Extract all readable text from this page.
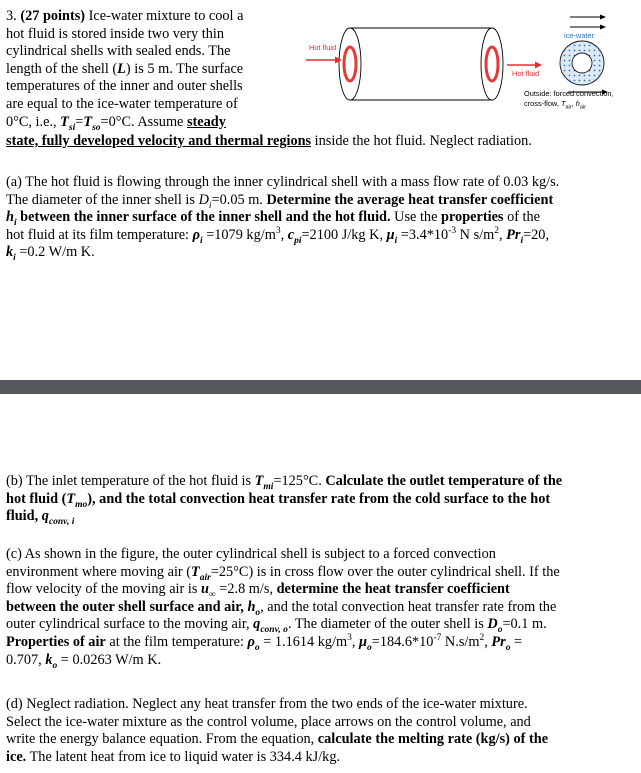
3. (27 points) Ice-water mixture to cool a
hot fluid is stored inside two very thin
cylindrical shells with sealed ends. The
length of the shell (L) is 5 m. The surface
temperatures of the inner and outer shells
are equal to the ice-water temperature of
0°C, i.e., $T_{si}=T_{so}=0^\circ C$. Assume steady
state, fully developed velocity and thermal regions inside the hot fluid. Neglect radiation.
Hot fluid
ice-water
Hot fluid
Outside: forced convection,
cross-flow, $T_{air}$, $h_{air}$
(a) The hot fluid is flowing through the inner cylindrical shell with a mass flow rate of 0.03 kg/s.
The diameter of the inner shell is $D_i=0.05$ m. Determine the average heat transfer coefficient
$h_i$ between the inner surface of the inner shell and the hot fluid. Use the properties of the
hot fluid at its film temperature: $\rho_i =1079$ $kg/m^3$, $c_{pi}=2100$ J/kg K, $\mu_i =3.4*10^{-3}$ N $s/m^2$, $Pr_i=20$,
$k_i =0.2$ W/m K.
(b) The inlet temperature of the hot fluid is $T_{mi}=125^\circ C$. Calculate the outlet temperature of the
hot fluid $(T_{mo})$, and the total convection heat transfer rate from the cold surface to the hot
fluid, $q_{conv, i}$
(c) As shown in the figure, the outer cylindrical shell is subject to a forced convection
environment where moving air $(T_{air}=25^\circ C)$ is in cross flow over the outer cylindrical shell. If the
flow velocity of the moving air is $u_\infty =2.8$ m/s, determine the heat transfer coefficient
between the outer shell surface and air, $h_o$, and the total convection heat transfer rate from the
outer cylindrical surface to the moving air, $q_{conv, o}$. The diameter of the outer shell is $D_o=0.1$ m.
Properties of air at the film temperature: $\rho_o = 1.1614$ $kg/m^3$, $\mu_o=184.6*10^{-7}$ $N.s/m^2$, $Pr_o$ =
0.707, $k_o = 0.0263$ W/m K.
(d) Neglect radiation. Neglect any heat transfer from the two ends of the ice-water mixture.
Select the ice-water mixture as the control volume, place arrows on the control volume, and
write the energy balance equation. From the equation, calculate the melting rate (kg/s) of the
ice. The latent heat from ice to liquid water is 334.4 kJ/kg.
